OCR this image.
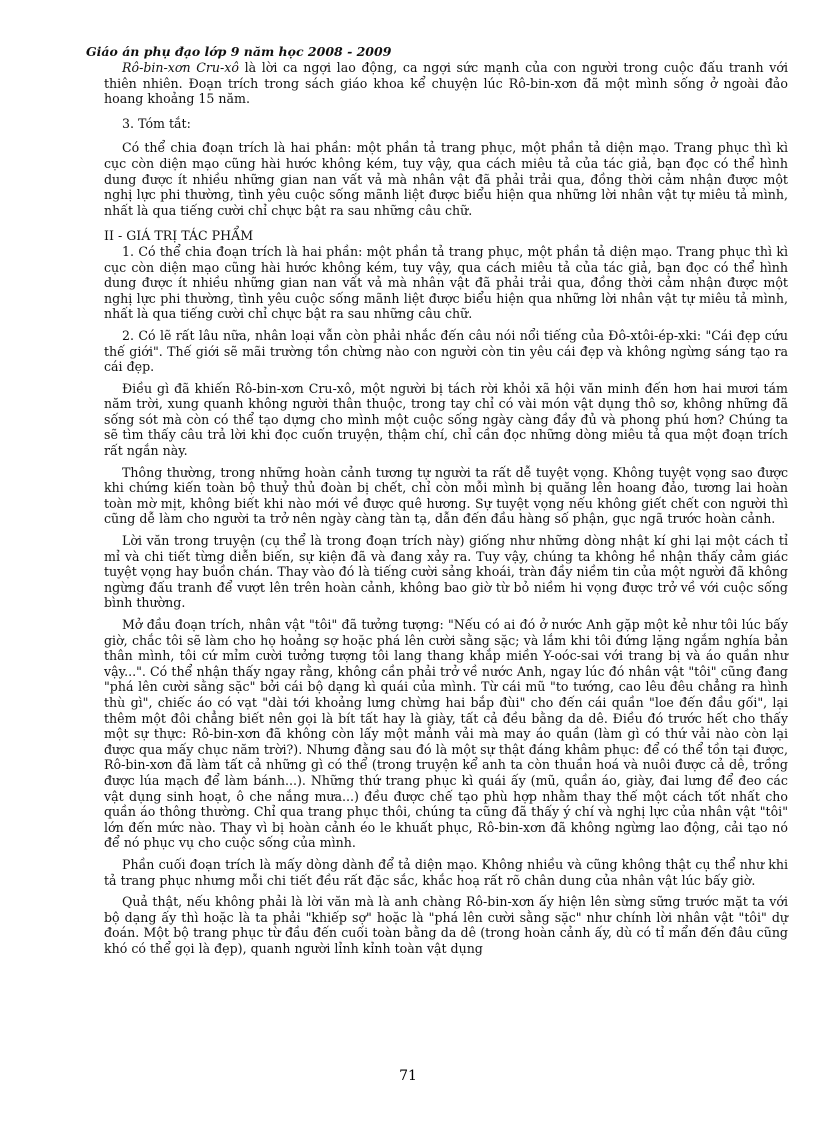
Giáo án phụ đạo lớp 9 năm học 2008 - 2009

Rô-bin-xơn Cru-xô là lời ca ngợi lao động, ca ngợi sức mạnh của con người trong cuộc đấu tranh với thiên nhiên. Đoạn trích trong sách giáo khoa kể chuyện lúc Rô-bin-xơn đã một mình sống ở ngoài đảo hoang khoảng 15 năm.

3. Tóm tắt:

Có thể chia đoạn trích là hai phần: một phần tả trang phục, một phần tả diện mạo. Trang phục thì kì cục còn diện mạo cũng hài hước không kém, tuy vậy, qua cách miêu tả của tác giả, bạn đọc có thể hình dung được ít nhiều những gian nan vất vả mà nhân vật đã phải trải qua, đồng thời cảm nhận được một nghị lực phi thường, tình yêu cuộc sống mãnh liệt được biểu hiện qua những lời nhân vật tự miêu tả mình, nhất là qua tiếng cười chỉ chực bật ra sau những câu chữ.

II - GIÁ TRỊ TÁC PHẨM

1. Có thể chia đoạn trích là hai phần: một phần tả trang phục, một phần tả diện mạo. Trang phục thì kì cục còn diện mạo cũng hài hước không kém, tuy vậy, qua cách miêu tả của tác giả, bạn đọc có thể hình dung được ít nhiều những gian nan vất vả mà nhân vật đã phải trải qua, đồng thời cảm nhận được một nghị lực phi thường, tình yêu cuộc sống mãnh liệt được biểu hiện qua những lời nhân vật tự miêu tả mình, nhất là qua tiếng cười chỉ chực bật ra sau những câu chữ.

2. Có lẽ rất lâu nữa, nhân loại vẫn còn phải nhắc đến câu nói nổi tiếng của Đô-xtôi-ép-xki: "Cái đẹp cứu thế giới". Thế giới sẽ mãi trường tồn chừng nào con người còn tin yêu cái đẹp và không ngừng sáng tạo ra cái đẹp.

Điều gì đã khiến Rô-bin-xơn Cru-xô, một người bị tách rời khỏi xã hội văn minh đến hơn hai mươi tám năm trời, xung quanh không người thân thuộc, trong tay chỉ có vài món vật dụng thô sơ, không những đã sống sót mà còn có thể tạo dựng cho mình một cuộc sống ngày càng đầy đủ và phong phú hơn? Chúng ta sẽ tìm thấy câu trả lời khi đọc cuốn truyện, thậm chí, chỉ cần đọc những dòng miêu tả qua một đoạn trích rất ngắn này.

Thông thường, trong những hoàn cảnh tương tự người ta rất dễ tuyệt vọng. Không tuyệt vọng sao được khi chứng kiến toàn bộ thuỷ thủ đoàn bị chết, chỉ còn mỗi mình bị quăng lên hoang đảo, tương lai hoàn toàn mờ mịt, không biết khi nào mới về được quê hương. Sự tuyệt vọng nếu không giết chết con người thì cũng dễ làm cho người ta trở nên ngày càng tàn tạ, dẫn đến đầu hàng số phận, gục ngã trước hoàn cảnh.

Lời văn trong truyện (cụ thể là trong đoạn trích này) giống như những dòng nhật kí ghi lại một cách tỉ mỉ và chi tiết từng diễn biến, sự kiện đã và đang xảy ra. Tuy vậy, chúng ta không hề nhận thấy cảm giác tuyệt vọng hay buồn chán. Thay vào đó là tiếng cười sảng khoái, tràn đầy niềm tin của một người đã không ngừng đấu tranh để vượt lên trên hoàn cảnh, không bao giờ từ bỏ niềm hi vọng được trở về với cuộc sống bình thường.

Mở đầu đoạn trích, nhân vật "tôi" đã tưởng tượng: "Nếu có ai đó ở nước Anh gặp một kẻ như tôi lúc bấy giờ, chắc tôi sẽ làm cho họ hoảng sợ hoặc phá lên cười sằng sặc; và lắm khi tôi đứng lặng ngắm nghía bản thân mình, tôi cứ mỉm cười tưởng tượng tôi lang thang khắp miền Y-oóc-sai với trang bị và áo quần như vậy...". Có thể nhận thấy ngay rằng, không cần phải trở về nước Anh, ngay lúc đó nhân vật "tôi" cũng đang "phá lên cười sằng sặc" bởi cái bộ dạng kì quái của mình. Từ cái mũ "to tướng, cao lêu đêu chẳng ra hình thù gì", chiếc áo có vạt "dài tới khoảng lưng chừng hai bắp đùi" cho đến cái quần "loe đến đầu gối", lại thêm một đôi chẳng biết nên gọi là bít tất hay là giày, tất cả đều bằng da dê. Điều đó trước hết cho thấy một sự thực: Rô-bin-xơn đã không còn lấy một mảnh vải mà may áo quần (làm gì có thứ vải nào còn lại được qua mấy chục năm trời?). Nhưng đằng sau đó là một sự thật đáng khâm phục: để có thể tồn tại được, Rô-bin-xơn đã làm tất cả những gì có thể (trong truyện kể anh ta còn thuần hoá và nuôi được cả dê, trồng được lúa mạch để làm bánh...). Những thứ trang phục kì quái ấy (mũ, quần áo, giày, đai lưng để đeo các vật dụng sinh hoạt, ô che nắng mưa...) đều được chế tạo phù hợp nhằm thay thế một cách tốt nhất cho quần áo thông thường. Chỉ qua trang phục thôi, chúng ta cũng đã thấy ý chí và nghị lực của nhân vật "tôi" lớn đến mức nào. Thay vì bị hoàn cảnh éo le khuất phục, Rô-bin-xơn đã không ngừng lao động, cải tạo nó để nó phục vụ cho cuộc sống của mình.

Phần cuối đoạn trích là mấy dòng dành để tả diện mạo. Không nhiều và cũng không thật cụ thể như khi tả trang phục nhưng mỗi chi tiết đều rất đặc sắc, khắc hoạ rất rõ chân dung của nhân vật lúc bấy giờ.

Quả thật, nếu không phải là lời văn mà là anh chàng Rô-bin-xơn ấy hiện lên sừng sững trước mặt ta với bộ dạng ấy thì hoặc là ta phải "khiếp sợ" hoặc là "phá lên cười sằng sặc" như chính lời nhân vật "tôi" dự đoán. Một bộ trang phục từ đầu đến cuối toàn bằng da dê (trong hoàn cảnh ấy, dù có tỉ mẩn đến đâu cũng khó có thể gọi là đẹp), quanh người lỉnh kỉnh toàn vật dụng

71
